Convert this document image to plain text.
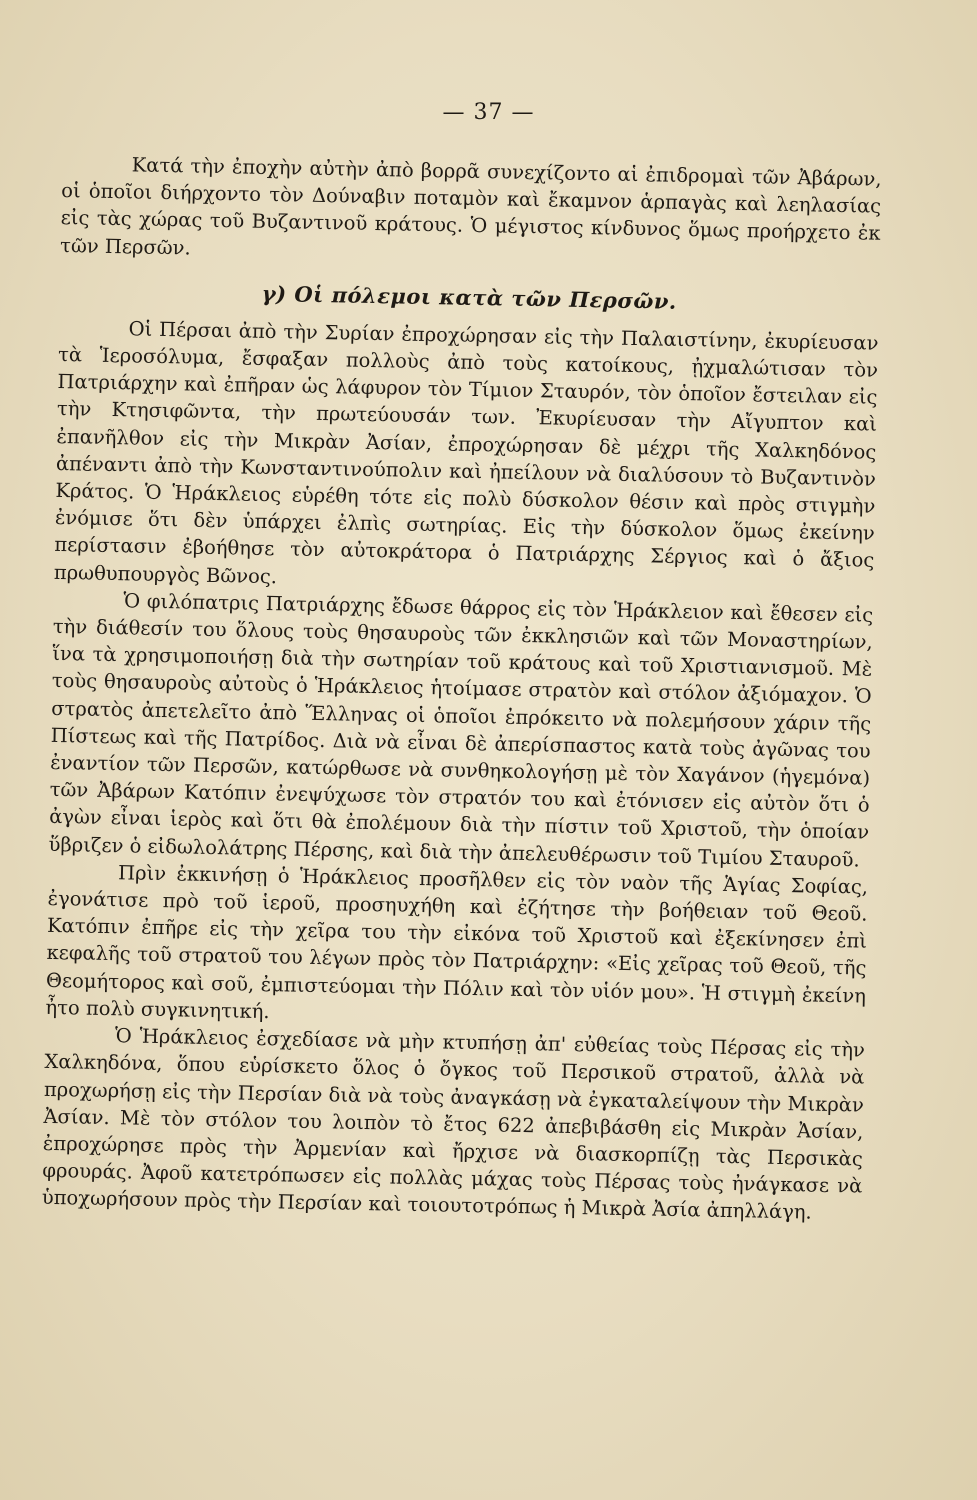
— 37 —

Κατά τὴν ἐποχὴν αὐτὴν ἀπὸ βορρᾶ συνεχίζοντο αἱ ἐπιδρομαὶ τῶν Ἀβάρων, οἱ ὁποῖοι διήρχοντο τὸν Δούναβιν ποταμὸν καὶ ἔκαμνον ἁρπαγὰς καὶ λεηλασίας εἰς τὰς χώρας τοῦ Βυζαντινοῦ κράτους. Ὁ μέγιστος κίνδυνος ὅμως προήρχετο ἐκ τῶν Περσῶν.

γ) Οἱ πόλεμοι κατὰ τῶν Περσῶν.

Οἱ Πέρσαι ἀπὸ τὴν Συρίαν ἐπροχώρησαν εἰς τὴν Παλαιστίνην, ἐκυρίευσαν τὰ Ἱεροσόλυμα, ἔσφαξαν πολλοὺς ἀπὸ τοὺς κατοίκους, ᾐχμαλώτισαν τὸν Πατριάρχην καὶ ἐπῆραν ὡς λάφυρον τὸν Τίμιον Σταυρόν, τὸν ὁποῖον ἔστειλαν εἰς τὴν Κτησιφῶντα, τὴν πρωτεύουσάν των. Ἐκυρίευσαν τὴν Αἴγυπτον καὶ ἐπανῆλθον εἰς τὴν Μικρὰν Ἀσίαν, ἐπροχώρησαν δὲ μέχρι τῆς Χαλκηδόνος ἀπέναντι ἀπὸ τὴν Κωνσταντινούπολιν καὶ ἠπείλουν νὰ διαλύσουν τὸ Βυζαντινὸν Κράτος. Ὁ Ἡράκλειος εὑρέθη τότε εἰς πολὺ δύσκολον θέσιν καὶ πρὸς στιγμὴν ἐνόμισε ὅτι δὲν ὑπάρχει ἐλπὶς σωτηρίας. Εἰς τὴν δύσκολον ὅμως ἐκείνην περίστασιν ἐβοήθησε τὸν αὐτοκράτορα ὁ Πατριάρχης Σέργιος καὶ ὁ ἄξιος πρωθυπουργὸς Βῶνος.

Ὁ φιλόπατρις Πατριάρχης ἔδωσε θάρρος εἰς τὸν Ἡράκλειον καὶ ἔθεσεν εἰς τὴν διάθεσίν του ὅλους τοὺς θησαυροὺς τῶν ἐκκλησιῶν καὶ τῶν Μοναστηρίων, ἵνα τὰ χρησιμοποιήσῃ διὰ τὴν σωτηρίαν τοῦ κράτους καὶ τοῦ Χριστιανισμοῦ. Μὲ τοὺς θησαυροὺς αὐτοὺς ὁ Ἡράκλειος ἡτοίμασε στρατὸν καὶ στόλον ἀξιόμαχον. Ὁ στρατὸς ἀπετελεῖτο ἀπὸ Ἕλληνας οἱ ὁποῖοι ἐπρόκειτο νὰ πολεμήσουν χάριν τῆς Πίστεως καὶ τῆς Πατρίδος. Διὰ νὰ εἶναι δὲ ἀπερίσπαστος κατὰ τοὺς ἀγῶνας του ἐναντίον τῶν Περσῶν, κατώρθωσε νὰ συνθηκολογήσῃ μὲ τὸν Χαγάνον (ἡγεμόνα) τῶν Ἀβάρων Κατόπιν ἐνεψύχωσε τὸν στρατόν του καὶ ἐτόνισεν εἰς αὐτὸν ὅτι ὁ ἀγὼν εἶναι ἱερὸς καὶ ὅτι θὰ ἐπολέμουν διὰ τὴν πίστιν τοῦ Χριστοῦ, τὴν ὁποίαν ὕβριζεν ὁ εἰδωλολάτρης Πέρσης, καὶ διὰ τὴν ἀπελευθέρωσιν τοῦ Τιμίου Σταυροῦ.

Πρὶν ἐκκινήσῃ ὁ Ἡράκλειος προσῆλθεν εἰς τὸν ναὸν τῆς Ἁγίας Σοφίας, ἐγονάτισε πρὸ τοῦ ἱεροῦ, προσηυχήθη καὶ ἐζήτησε τὴν βοήθειαν τοῦ Θεοῦ. Κατόπιν ἐπῆρε εἰς τὴν χεῖρα του τὴν εἰκόνα τοῦ Χριστοῦ καὶ ἐξεκίνησεν ἐπὶ κεφαλῆς τοῦ στρατοῦ του λέγων πρὸς τὸν Πατριάρχην: «Εἰς χεῖρας τοῦ Θεοῦ, τῆς Θεομήτορος καὶ σοῦ, ἐμπιστεύομαι τὴν Πόλιν καὶ τὸν υἱόν μου». Ἡ στιγμὴ ἐκείνη ἦτο πολὺ συγκινητική.

Ὁ Ἡράκλειος ἐσχεδίασε νὰ μὴν κτυπήσῃ ἀπ' εὐθείας τοὺς Πέρσας εἰς τὴν Χαλκηδόνα, ὅπου εὑρίσκετο ὅλος ὁ ὄγκος τοῦ Περσικοῦ στρατοῦ, ἀλλὰ νὰ προχωρήσῃ εἰς τὴν Περσίαν διὰ νὰ τοὺς ἀναγκάσῃ νὰ ἐγκαταλείψουν τὴν Μικρὰν Ἀσίαν. Μὲ τὸν στόλον του λοιπὸν τὸ ἔτος 622 ἀπεβιβάσθη εἰς Μικρὰν Ἀσίαν, ἐπροχώρησε πρὸς τὴν Ἀρμενίαν καὶ ἤρχισε νὰ διασκορπίζῃ τὰς Περσικὰς φρουράς. Ἀφοῦ κατετρόπωσεν εἰς πολλὰς μάχας τοὺς Πέρσας τοὺς ἠνάγκασε νὰ ὑποχωρήσουν πρὸς τὴν Περσίαν καὶ τοιουτοτρόπως ἡ Μικρὰ Ἀσία ἀπηλλάγη.
